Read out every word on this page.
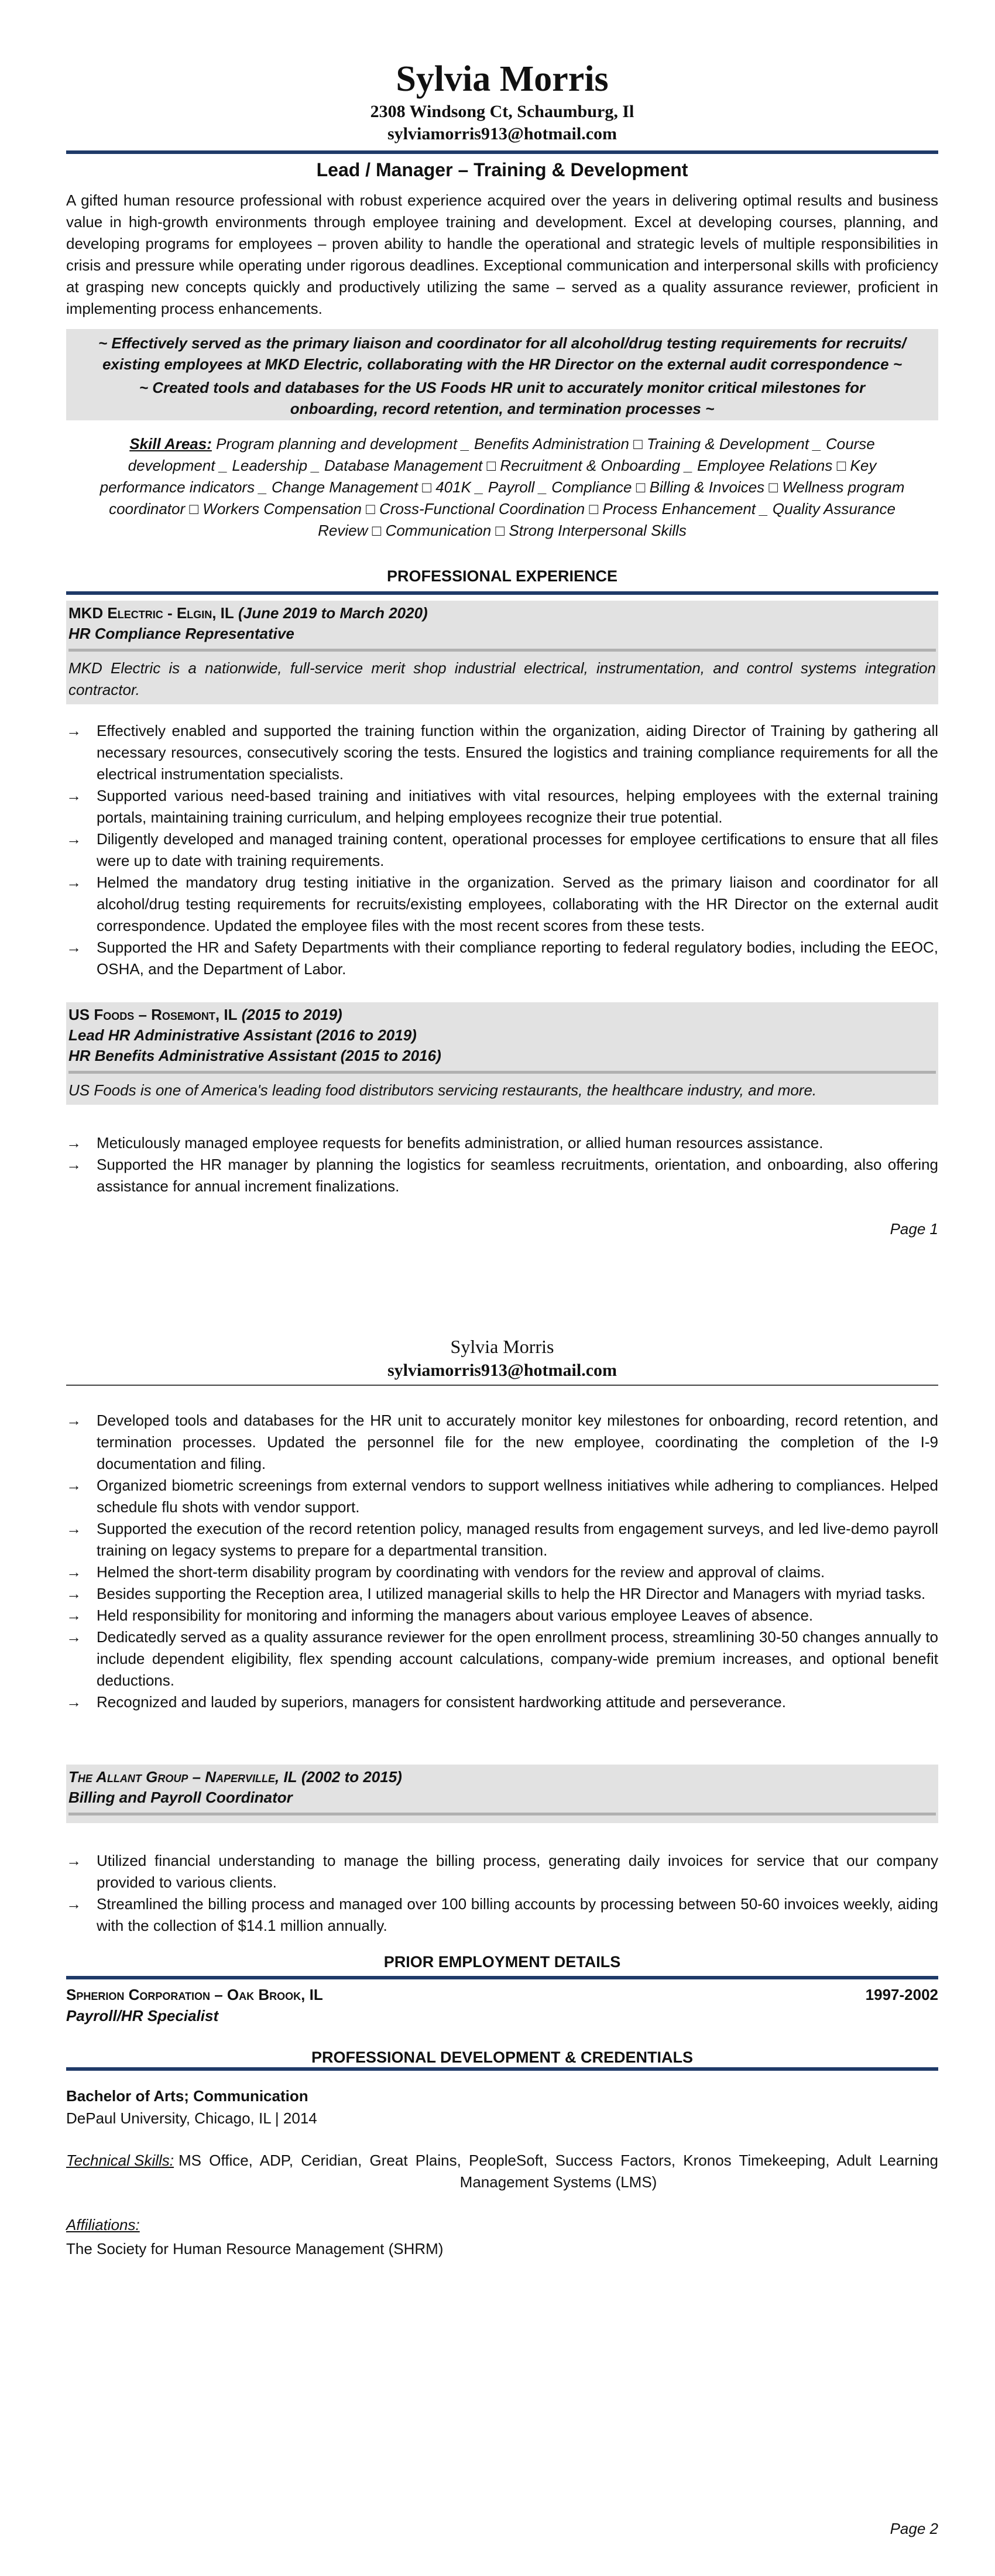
Sylvia Morris
2308 Windsong Ct, Schaumburg, Il
sylviamorris913@hotmail.com
Lead / Manager – Training & Development
A gifted human resource professional with robust experience acquired over the years in delivering optimal results and business value in high-growth environments through employee training and development. Excel at developing courses, planning, and developing programs for employees – proven ability to handle the operational and strategic levels of multiple responsibilities in crisis and pressure while operating under rigorous deadlines. Exceptional communication and interpersonal skills with proficiency at grasping new concepts quickly and productively utilizing the same – served as a quality assurance reviewer, proficient in implementing process enhancements.
~ Effectively served as the primary liaison and coordinator for all alcohol/drug testing requirements for recruits/ existing employees at MKD Electric, collaborating with the HR Director on the external audit correspondence ~
~ Created tools and databases for the US Foods HR unit to accurately monitor critical milestones for onboarding, record retention, and termination processes ~
Skill Areas: Program planning and development _ Benefits Administration □ Training & Development _ Course development _ Leadership _ Database Management □ Recruitment & Onboarding _ Employee Relations □ Key performance indicators _ Change Management □ 401K _ Payroll _ Compliance □ Billing & Invoices □ Wellness program coordinator □ Workers Compensation □ Cross-Functional Coordination □ Process Enhancement _ Quality Assurance Review □ Communication □ Strong Interpersonal Skills
PROFESSIONAL EXPERIENCE
MKD Electric - Elgin, IL (June 2019 to March 2020)
HR Compliance Representative
MKD Electric is a nationwide, full-service merit shop industrial electrical, instrumentation, and control systems integration contractor.
→ Effectively enabled and supported the training function within the organization, aiding Director of Training by gathering all necessary resources, consecutively scoring the tests. Ensured the logistics and training compliance requirements for all the electrical instrumentation specialists.
→ Supported various need-based training and initiatives with vital resources, helping employees with the external training portals, maintaining training curriculum, and helping employees recognize their true potential.
→ Diligently developed and managed training content, operational processes for employee certifications to ensure that all files were up to date with training requirements.
→ Helmed the mandatory drug testing initiative in the organization. Served as the primary liaison and coordinator for all alcohol/drug testing requirements for recruits/existing employees, collaborating with the HR Director on the external audit correspondence. Updated the employee files with the most recent scores from these tests.
→ Supported the HR and Safety Departments with their compliance reporting to federal regulatory bodies, including the EEOC, OSHA, and the Department of Labor.
US Foods – Rosemont, IL (2015 to 2019)
Lead HR Administrative Assistant (2016 to 2019)
HR Benefits Administrative Assistant (2015 to 2016)
US Foods is one of America's leading food distributors servicing restaurants, the healthcare industry, and more.
→ Meticulously managed employee requests for benefits administration, or allied human resources assistance.
→ Supported the HR manager by planning the logistics for seamless recruitments, orientation, and onboarding, also offering assistance for annual increment finalizations.
Page 1
Sylvia Morris
sylviamorris913@hotmail.com
→ Developed tools and databases for the HR unit to accurately monitor key milestones for onboarding, record retention, and termination processes. Updated the personnel file for the new employee, coordinating the completion of the I-9 documentation and filing.
→ Organized biometric screenings from external vendors to support wellness initiatives while adhering to compliances. Helped schedule flu shots with vendor support.
→ Supported the execution of the record retention policy, managed results from engagement surveys, and led live-demo payroll training on legacy systems to prepare for a departmental transition.
→ Helmed the short-term disability program by coordinating with vendors for the review and approval of claims.
→ Besides supporting the Reception area, I utilized managerial skills to help the HR Director and Managers with myriad tasks.
→ Held responsibility for monitoring and informing the managers about various employee Leaves of absence.
→ Dedicatedly served as a quality assurance reviewer for the open enrollment process, streamlining 30-50 changes annually to include dependent eligibility, flex spending account calculations, company-wide premium increases, and optional benefit deductions.
→ Recognized and lauded by superiors, managers for consistent hardworking attitude and perseverance.
The Allant Group – Naperville, IL (2002 to 2015)
Billing and Payroll Coordinator
→ Utilized financial understanding to manage the billing process, generating daily invoices for service that our company provided to various clients.
→ Streamlined the billing process and managed over 100 billing accounts by processing between 50-60 invoices weekly, aiding with the collection of $14.1 million annually.
PRIOR EMPLOYMENT DETAILS
Spherion Corporation – Oak Brook, IL	1997-2002
Payroll/HR Specialist
PROFESSIONAL DEVELOPMENT & CREDENTIALS
Bachelor of Arts; Communication
DePaul University, Chicago, IL | 2014
Technical Skills: MS Office, ADP, Ceridian, Great Plains, PeopleSoft, Success Factors, Kronos Timekeeping, Adult Learning Management Systems (LMS)
Affiliations:
The Society for Human Resource Management (SHRM)
Page 2
